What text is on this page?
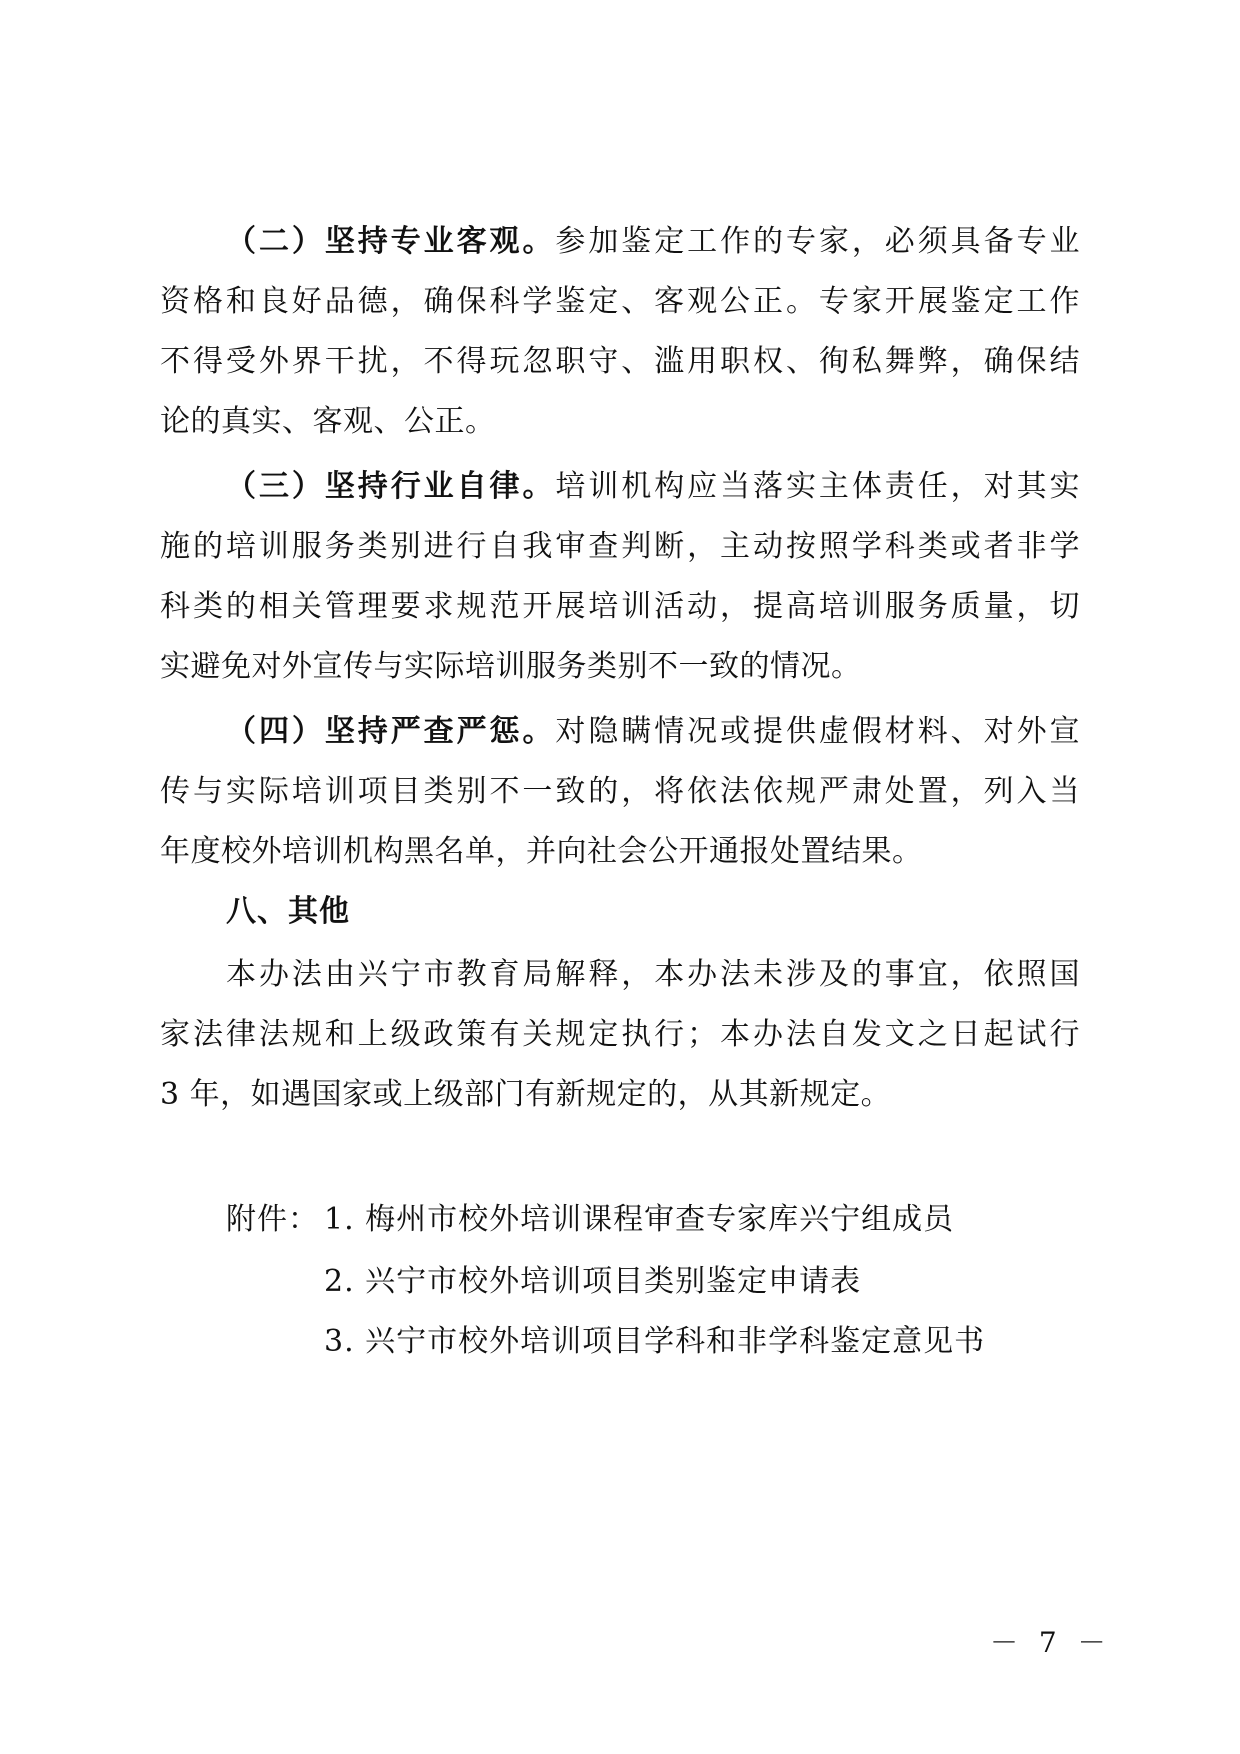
（二）坚持专业客观。参加鉴定工作的专家，必须具备专业
资格和良好品德，确保科学鉴定、客观公正。专家开展鉴定工作
不得受外界干扰，不得玩忽职守、滥用职权、徇私舞弊，确保结
论的真实、客观、公正。
（三）坚持行业自律。培训机构应当落实主体责任，对其实
施的培训服务类别进行自我审查判断，主动按照学科类或者非学
科类的相关管理要求规范开展培训活动，提高培训服务质量，切
实避免对外宣传与实际培训服务类别不一致的情况。
（四）坚持严查严惩。对隐瞒情况或提供虚假材料、对外宣
传与实际培训项目类别不一致的，将依法依规严肃处置，列入当
年度校外培训机构黑名单，并向社会公开通报处置结果。
八、其他
本办法由兴宁市教育局解释，本办法未涉及的事宜，依照国
家法律法规和上级政策有关规定执行；本办法自发文之日起试行
3 年，如遇国家或上级部门有新规定的，从其新规定。
附件： 1. 梅州市校外培训课程审查专家库兴宁组成员
2. 兴宁市校外培训项目类别鉴定申请表
3. 兴宁市校外培训项目学科和非学科鉴定意见书
－ 7 －
